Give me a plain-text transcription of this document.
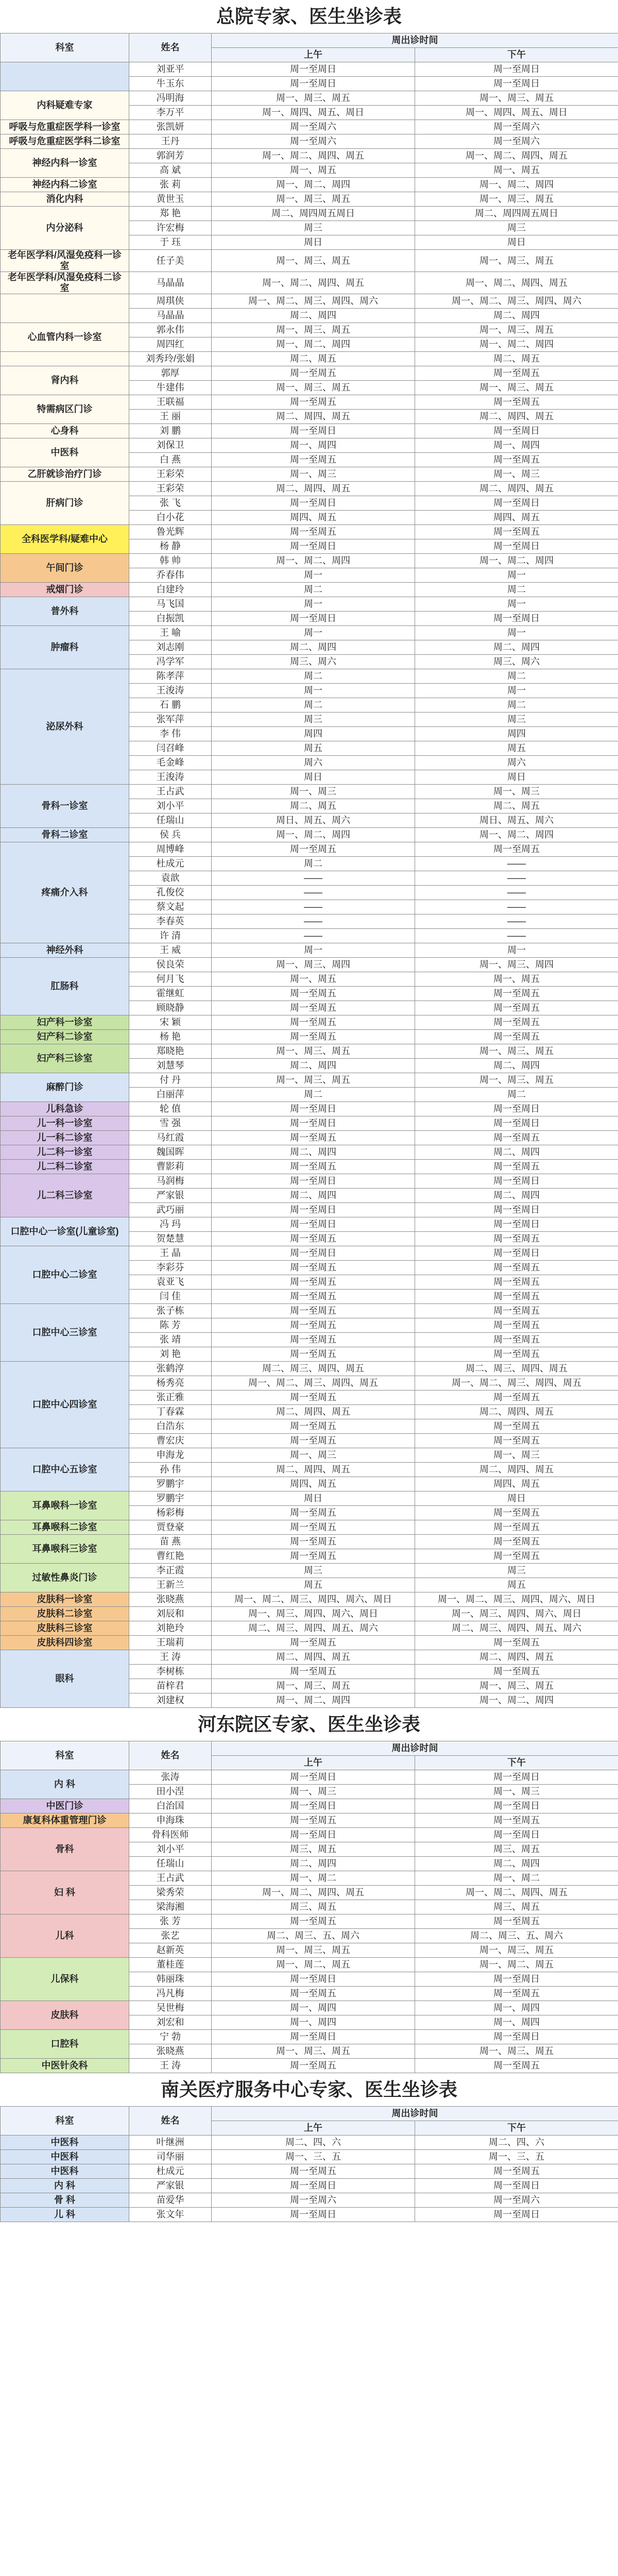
总院专家、医生坐诊表
科室	姓名	周出诊时间	
		上午	下午
	刘亚平	周一至周日	周一至周日
	牛玉东	周一至周日	周一至周日
内科疑难专家	冯明海	周一、周三、周五	周一、周三、周五
	李万平	周一、周四、周五、周日	周一、周四、周五、周日
呼吸与危重症医学科一诊室	张凯妍	周一至周六	周一至周六
呼吸与危重症医学科二诊室	王丹	周一至周六	周一至周六
神经内科一诊室	郭润芳	周一、周二、周四、周五	周一、周二、周四、周五
	高 斌	周一、周五	周一、周五
神经内科二诊室	张 莉	周一、周二、周四	周一、周二、周四
消化内科	黄世玉	周一、周三、周五	周一、周三、周五
内分泌科	郑 艳	周二、周四周五周日	周二、周四周五周日
	许宏梅	周三	周三
	于 珏	周日	周日
老年医学科/风湿免疫科一诊室	任子美	周一、周三、周五	周一、周三、周五
老年医学科/风湿免疫科二诊室	马晶晶	周一、周二、周四、周五	周一、周二、周四、周五
	周琪侠	周一、周二、周三、周四、周六	周一、周二、周三、周四、周六
	马晶晶	周二、周四	周二、周四
心血管内科一诊室	郭永伟	周一、周三、周五	周一、周三、周五
	周四红	周一、周二、周四	周一、周二、周四
	刘秀玲/张娟	周二、周五	周二、周五
肾内科	郭厚	周一至周五	周一至周五
	牛建伟	周一、周三、周五	周一、周三、周五
特需病区门诊	王联福	周一至周五	周一至周五
	王 丽	周二、周四、周五	周二、周四、周五
心身科	刘 鹏	周一至周日	周一至周日
中医科	刘保卫	周一、周四	周一、周四
	白 燕	周一至周五	周一至周五
乙肝就诊治疗门诊	王彩荣	周一、周三	周一、周三
肝病门诊	王彩荣	周二、周四、周五	周二、周四、周五
	张 飞	周一至周日	周一至周日
	白小花	周四、周五	周四、周五
全科医学科/疑难中心	鲁光辉	周一至周五	周一至周五
	杨 静	周一至周日	周一至周日
午间门诊	韩 帅	周一、周二、周四	周一、周二、周四
	乔春伟	周一	周一
戒烟门诊	白建玲	周二	周二
普外科	马飞国	周一	周一
	白振凯	周一至周日	周一至周日
肿瘤科	王 喻	周一	周一
	刘志刚	周二、周四	周二、周四
	冯学军	周三、周六	周三、周六
泌尿外科	陈孝萍	周二	周二
	王浚涛	周一	周一
	石 鹏	周二	周二
	张军萍	周三	周三
	李 伟	周四	周四
	闫召峰	周五	周五
	毛金峰	周六	周六
	王浚涛	周日	周日
骨科一诊室	王占武	周一、周三	周一、周三
	刘小平	周二、周五	周二、周五
	任瑞山	周日、周五、周六	周日、周五、周六
骨科二诊室	侯 兵	周一、周二、周四	周一、周二、周四
疼痛介入科	周博峰	周一至周五	周一至周五
	杜成元	周二	——
	袁歆	——	——
	孔俊佼	——	——
	蔡文起	——	——
	李春英	——	——
	许 清	——	——
神经外科	王 威	周一	周一
肛肠科	侯良荣	周一、周三、周四	周一、周三、周四
	何月飞	周一、周五	周一、周五
	霍继虹	周一至周五	周一至周五
	顾晓静	周一至周五	周一至周五
妇产科一诊室	宋 颖	周一至周五	周一至周五
妇产科二诊室	杨 艳	周一至周五	周一至周五
妇产科三诊室	郑晓艳	周一、周三、周五	周一、周三、周五
	刘慧琴	周二、周四	周二、周四
麻醉门诊	付 丹	周一、周三、周五	周一、周三、周五
	白丽萍	周二	周二
儿科急诊	轮 值	周一至周日	周一至周日
儿一科一诊室	雪 强	周一至周日	周一至周日
儿一科二诊室	马红霞	周一至周五	周一至周五
儿二科一诊室	魏国晖	周二、周四	周二、周四
儿二科二诊室	曹影莉	周一至周五	周一至周五
儿二科三诊室	马润梅	周一至周日	周一至周日
	严家银	周二、周四	周二、周四
	武巧丽	周一至周日	周一至周日
口腔中心一诊室(儿童诊室)	冯 玛	周一至周日	周一至周日
	贺楚慧	周一至周五	周一至周五
口腔中心二诊室	王 晶	周一至周日	周一至周日
	李彩芬	周一至周五	周一至周五
	袁亚飞	周一至周五	周一至周五
	闫 佳	周一至周五	周一至周五
口腔中心三诊室	张子栋	周一至周五	周一至周五
	陈 芳	周一至周五	周一至周五
	张 靖	周一至周五	周一至周五
	刘 艳	周一至周五	周一至周五
口腔中心四诊室	张鹤淳	周二、周三、周四、周五	周二、周三、周四、周五
	杨秀亮	周一、周二、周三、周四、周五	周一、周二、周三、周四、周五
	张正雅	周一至周五	周一至周五
	丁春霖	周二、周四、周五	周二、周四、周五
	白浩东	周一至周五	周一至周五
	曹宏庆	周一至周五	周一至周五
口腔中心五诊室	申海龙	周一、周三	周一、周三
	孙 伟	周二、周四、周五	周二、周四、周五
	罗鹏宇	周四、周五	周四、周五
耳鼻喉科一诊室	罗鹏宇	周日	周日
	杨彩梅	周一至周五	周一至周五
耳鼻喉科二诊室	贾登豪	周一至周五	周一至周五
耳鼻喉科三诊室	苗 燕	周一至周五	周一至周五
	曹红艳	周一至周五	周一至周五
过敏性鼻炎门诊	李正霞	周三	周三
	王新兰	周五	周五
皮肤科一诊室	张晓燕	周一、周二、周三、周四、周六、周日	周一、周二、周三、周四、周六、周日
皮肤科二诊室	刘辰和	周一、周三、周四、周六、周日	周一、周三、周四、周六、周日
皮肤科三诊室	刘艳玲	周二、周三、周四、周五、周六	周二、周三、周四、周五、周六
皮肤科四诊室	王瑞莉	周一至周五	周一至周五
眼科	王 涛	周二、周四、周五	周二、周四、周五
	李树栋	周一至周五	周一至周五
	苗梓君	周一、周三、周五	周一、周三、周五
	刘建权	周一、周二、周四	周一、周二、周四
河东院区专家、医生坐诊表
科室	姓名	周出诊时间	
		上午	下午
内 科	张涛	周一至周日	周一至周日
	田小涅	周一、周三	周一、周三
中医门诊	白治国	周一至周日	周一至周日
康复科体重管理门诊	申海珠	周一至周五	周一至周五
骨科	骨科医师	周一至周日	周一至周日
	刘小平	周三、周五	周三、周五
	任瑞山	周二、周四	周二、周四
妇 科	王占武	周一、周二	周一、周二
	梁秀荣	周一、周二、周四、周五	周一、周二、周四、周五
	梁海湘	周三、周五	周三、周五
儿科	张 芳	周一至周五	周一至周五
	张艺	周二、周三、五、周六	周二、周三、五、周六
	赵新英	周一、周三、周五	周一、周三、周五
儿保科	董桂莲	周一、周二、周五	周一、周二、周五
	韩丽珠	周一至周日	周一至周日
	冯凡梅	周一至周五	周一至周五
皮肤科	吴世梅	周一、周四	周一、周四
	刘宏和	周一、周四	周一、周四
口腔科	宁 勃	周一至周日	周一至周日
	张晓燕	周一、周三、周五	周一、周三、周五
中医针灸科	王 涛	周一至周五	周一至周五
南关医疗服务中心专家、医生坐诊表
科室	姓名	周出诊时间	
		上午	下午
中医科	叶继洲	周二、四、六	周二、四、六
中医科	司华丽	周一、三、五	周一、三、五
中医科	杜成元	周一至周五	周一至周五
内 科	严家银	周一至周日	周一至周日
骨 科	苗爱华	周一至周六	周一至周六
儿 科	张文年	周一至周日	周一至周日
